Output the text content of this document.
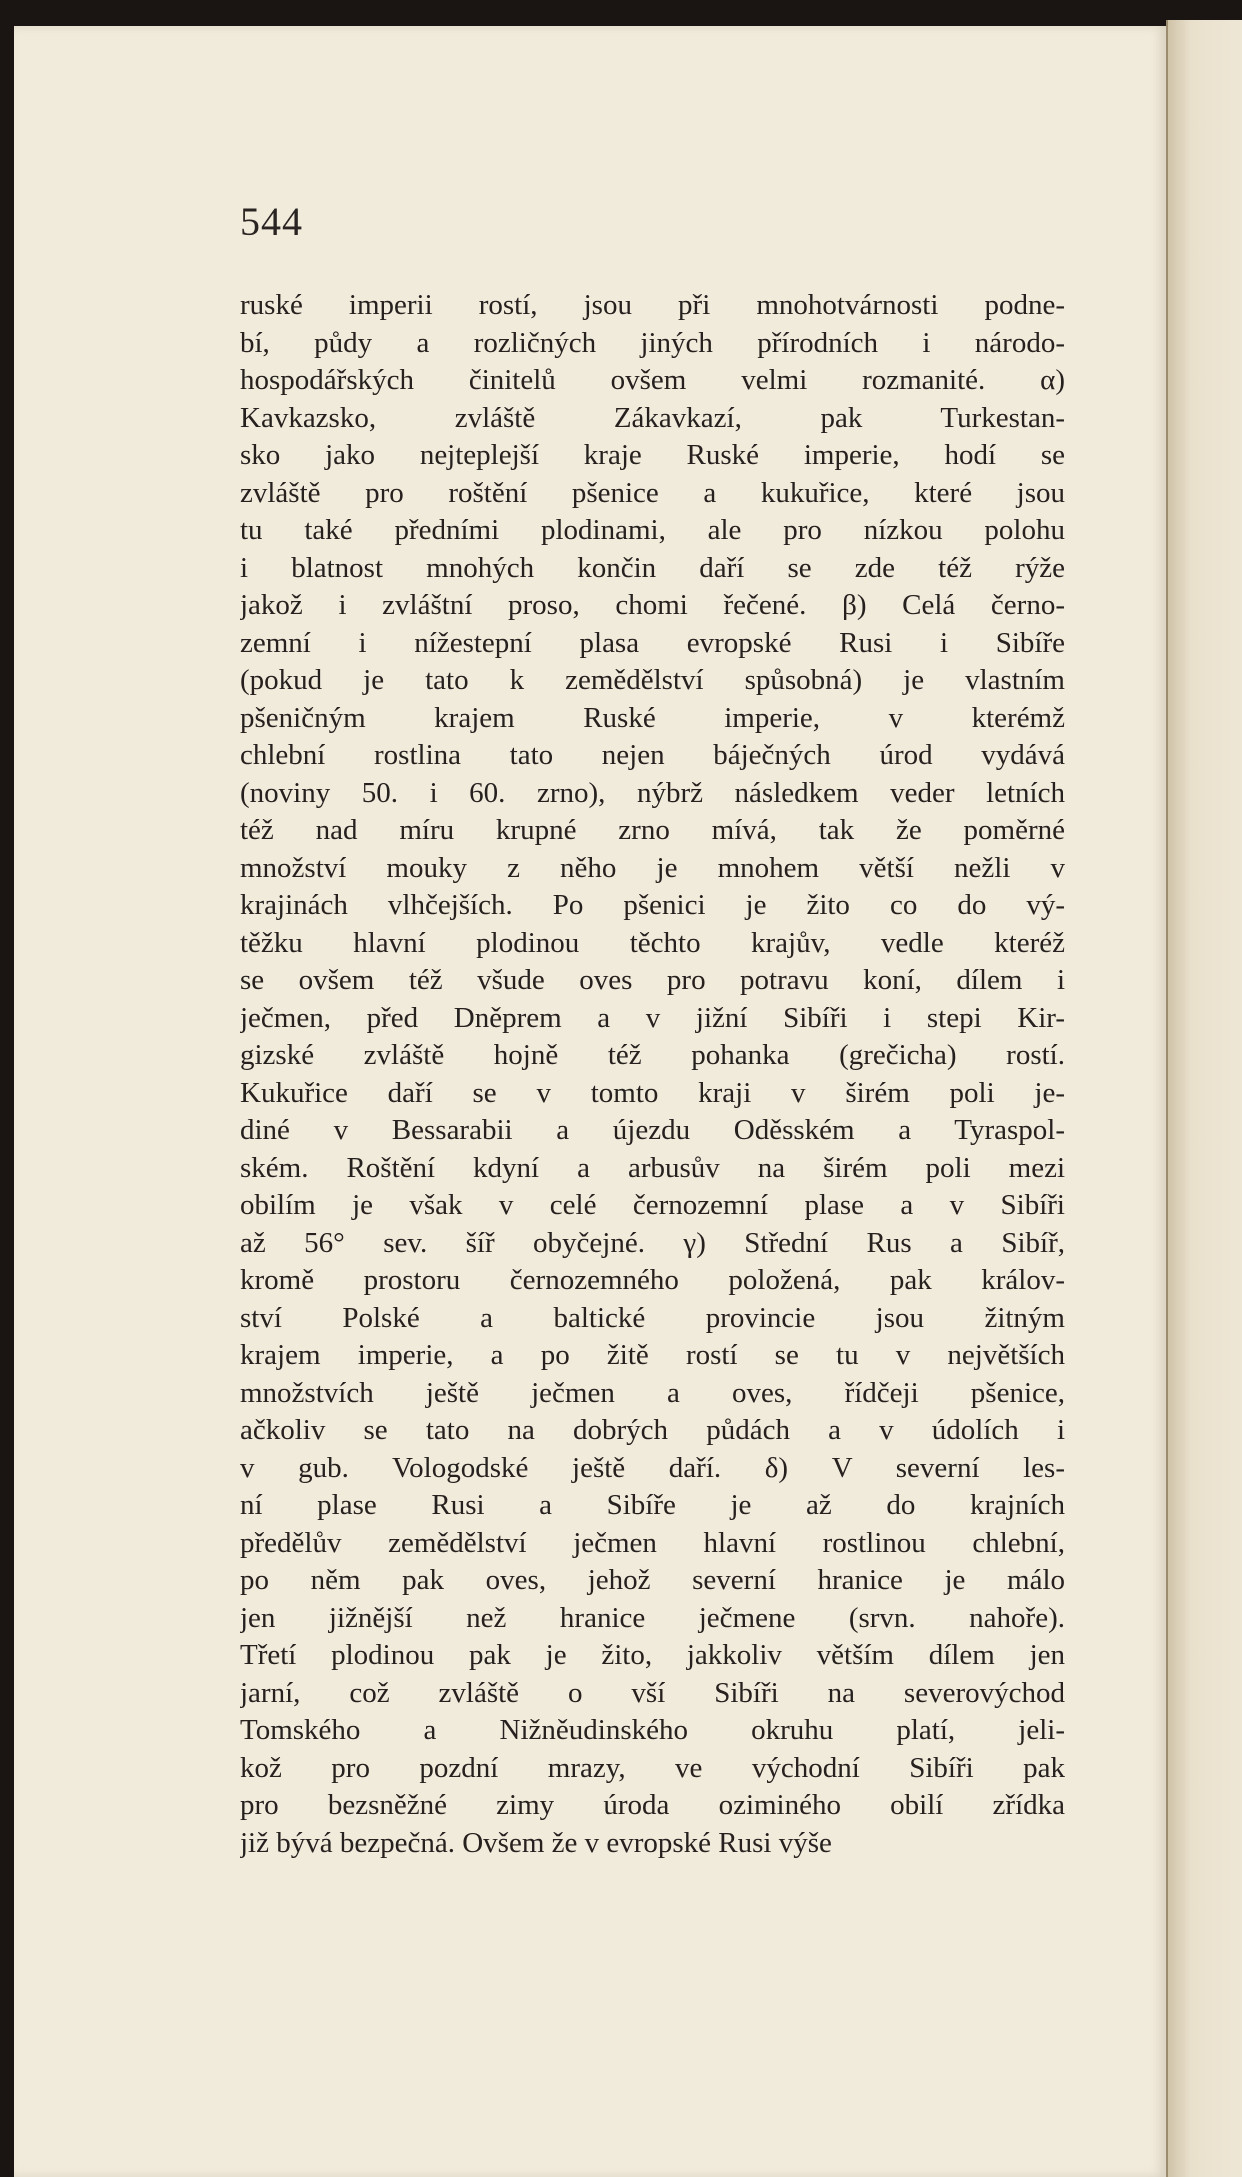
544
ruské imperii rostí, jsou při mnohotvárnosti podne-
bí, půdy a rozličných jiných přírodních i národo-
hospodářských činitelů ovšem velmi rozmanité. α)
Kavkazsko, zvláště Zákavkazí, pak Turkestan-
sko jako nejteplejší kraje Ruské imperie, hodí se
zvláště pro roštění pšenice a kukuřice, které jsou
tu také předními plodinami, ale pro nízkou polohu
i blatnost mnohých končin daří se zde též rýže
jakož i zvláštní proso, chomi řečené. β) Celá černo-
zemní i nížestepní plasa evropské Rusi i Sibíře
(pokud je tato k zemědělství spůsobná) je vlastním
pšeničným krajem Ruské imperie, v kterémž
chlební rostlina tato nejen báječných úrod vydává
(noviny 50. i 60. zrno), nýbrž následkem veder letních
též nad míru krupné zrno mívá, tak že poměrné
množství mouky z něho je mnohem větší nežli v
krajinách vlhčejších. Po pšenici je žito co do vý-
těžku hlavní plodinou těchto krajův, vedle kteréž
se ovšem též všude oves pro potravu koní, dílem i
ječmen, před Dněprem a v jižní Sibíři i stepi Kir-
gizské zvláště hojně též pohanka (grečicha) rostí.
Kukuřice daří se v tomto kraji v širém poli je-
diné v Bessarabii a újezdu Oděsském a Tyraspol-
ském. Roštění kdyní a arbusův na širém poli mezi
obilím je však v celé černozemní plase a v Sibíři
až 56° sev. šíř obyčejné. γ) Střední Rus a Sibíř,
kromě prostoru černozemného položená, pak králov-
ství Polské a baltické provincie jsou žitným
krajem imperie, a po žitě rostí se tu v největších
množstvích ještě ječmen a oves, řídčeji pšenice,
ačkoliv se tato na dobrých půdách a v údolích i
v gub. Vologodské ještě daří. δ) V severní les-
ní plase Rusi a Sibíře je až do krajních
předělův zemědělství ječmen hlavní rostlinou chlební,
po něm pak oves, jehož severní hranice je málo
jen jižnější než hranice ječmene (srvn. nahoře).
Třetí plodinou pak je žito, jakkoliv větším dílem jen
jarní, což zvláště o vší Sibíři na severovýchod
Tomského a Nižněudinského okruhu platí, jeli-
kož pro pozdní mrazy, ve východní Sibíři pak
pro bezsněžné zimy úroda oziminého obilí zřídka
již bývá bezpečná. Ovšem že v evropské Rusi výše
